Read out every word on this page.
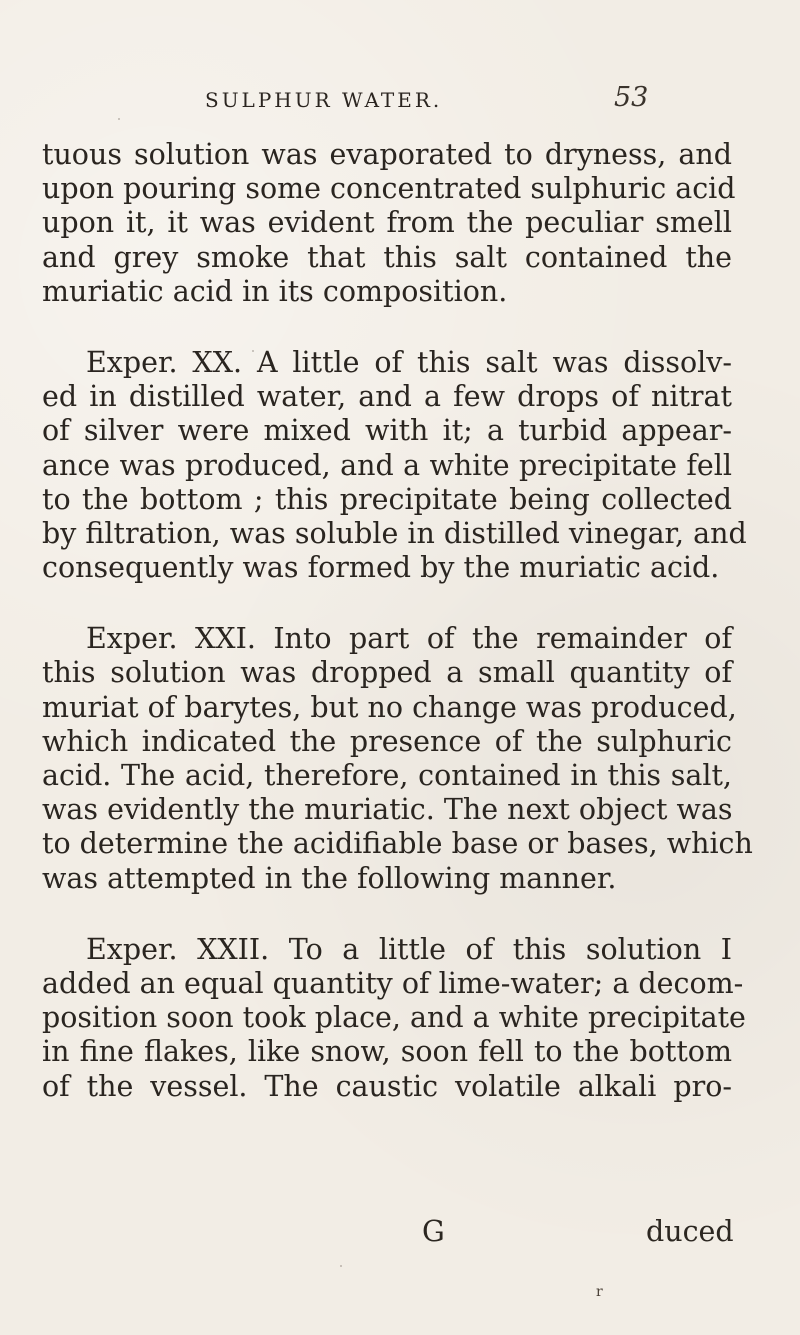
SULPHUR WATER.	53
tuous solution was evaporated to dryness, and
upon pouring some concentrated sulphuric acid
upon it, it was evident from the peculiar smell
and grey smoke that this salt contained the
muriatic acid in its composition.
Exper. XX. A little of this salt was dissolv-
ed in distilled water, and a few drops of nitrat
of silver were mixed with it; a turbid appear-
ance was produced, and a white precipitate fell
to the bottom ; this precipitate being collected
by filtration, was soluble in distilled vinegar, and
consequently was formed by the muriatic acid.
Exper. XXI. Into part of the remainder of
this solution was dropped a small quantity of
muriat of barytes, but no change was produced,
which indicated the presence of the sulphuric
acid. The acid, therefore, contained in this salt,
was evidently the muriatic. The next object was
to determine the acidifiable base or bases, which
was attempted in the following manner.
Exper. XXII. To a little of this solution I
added an equal quantity of lime-water; a decom-
position soon took place, and a white precipitate
in fine flakes, like snow, soon fell to the bottom
of the vessel. The caustic volatile alkali pro-
G	duced
r
